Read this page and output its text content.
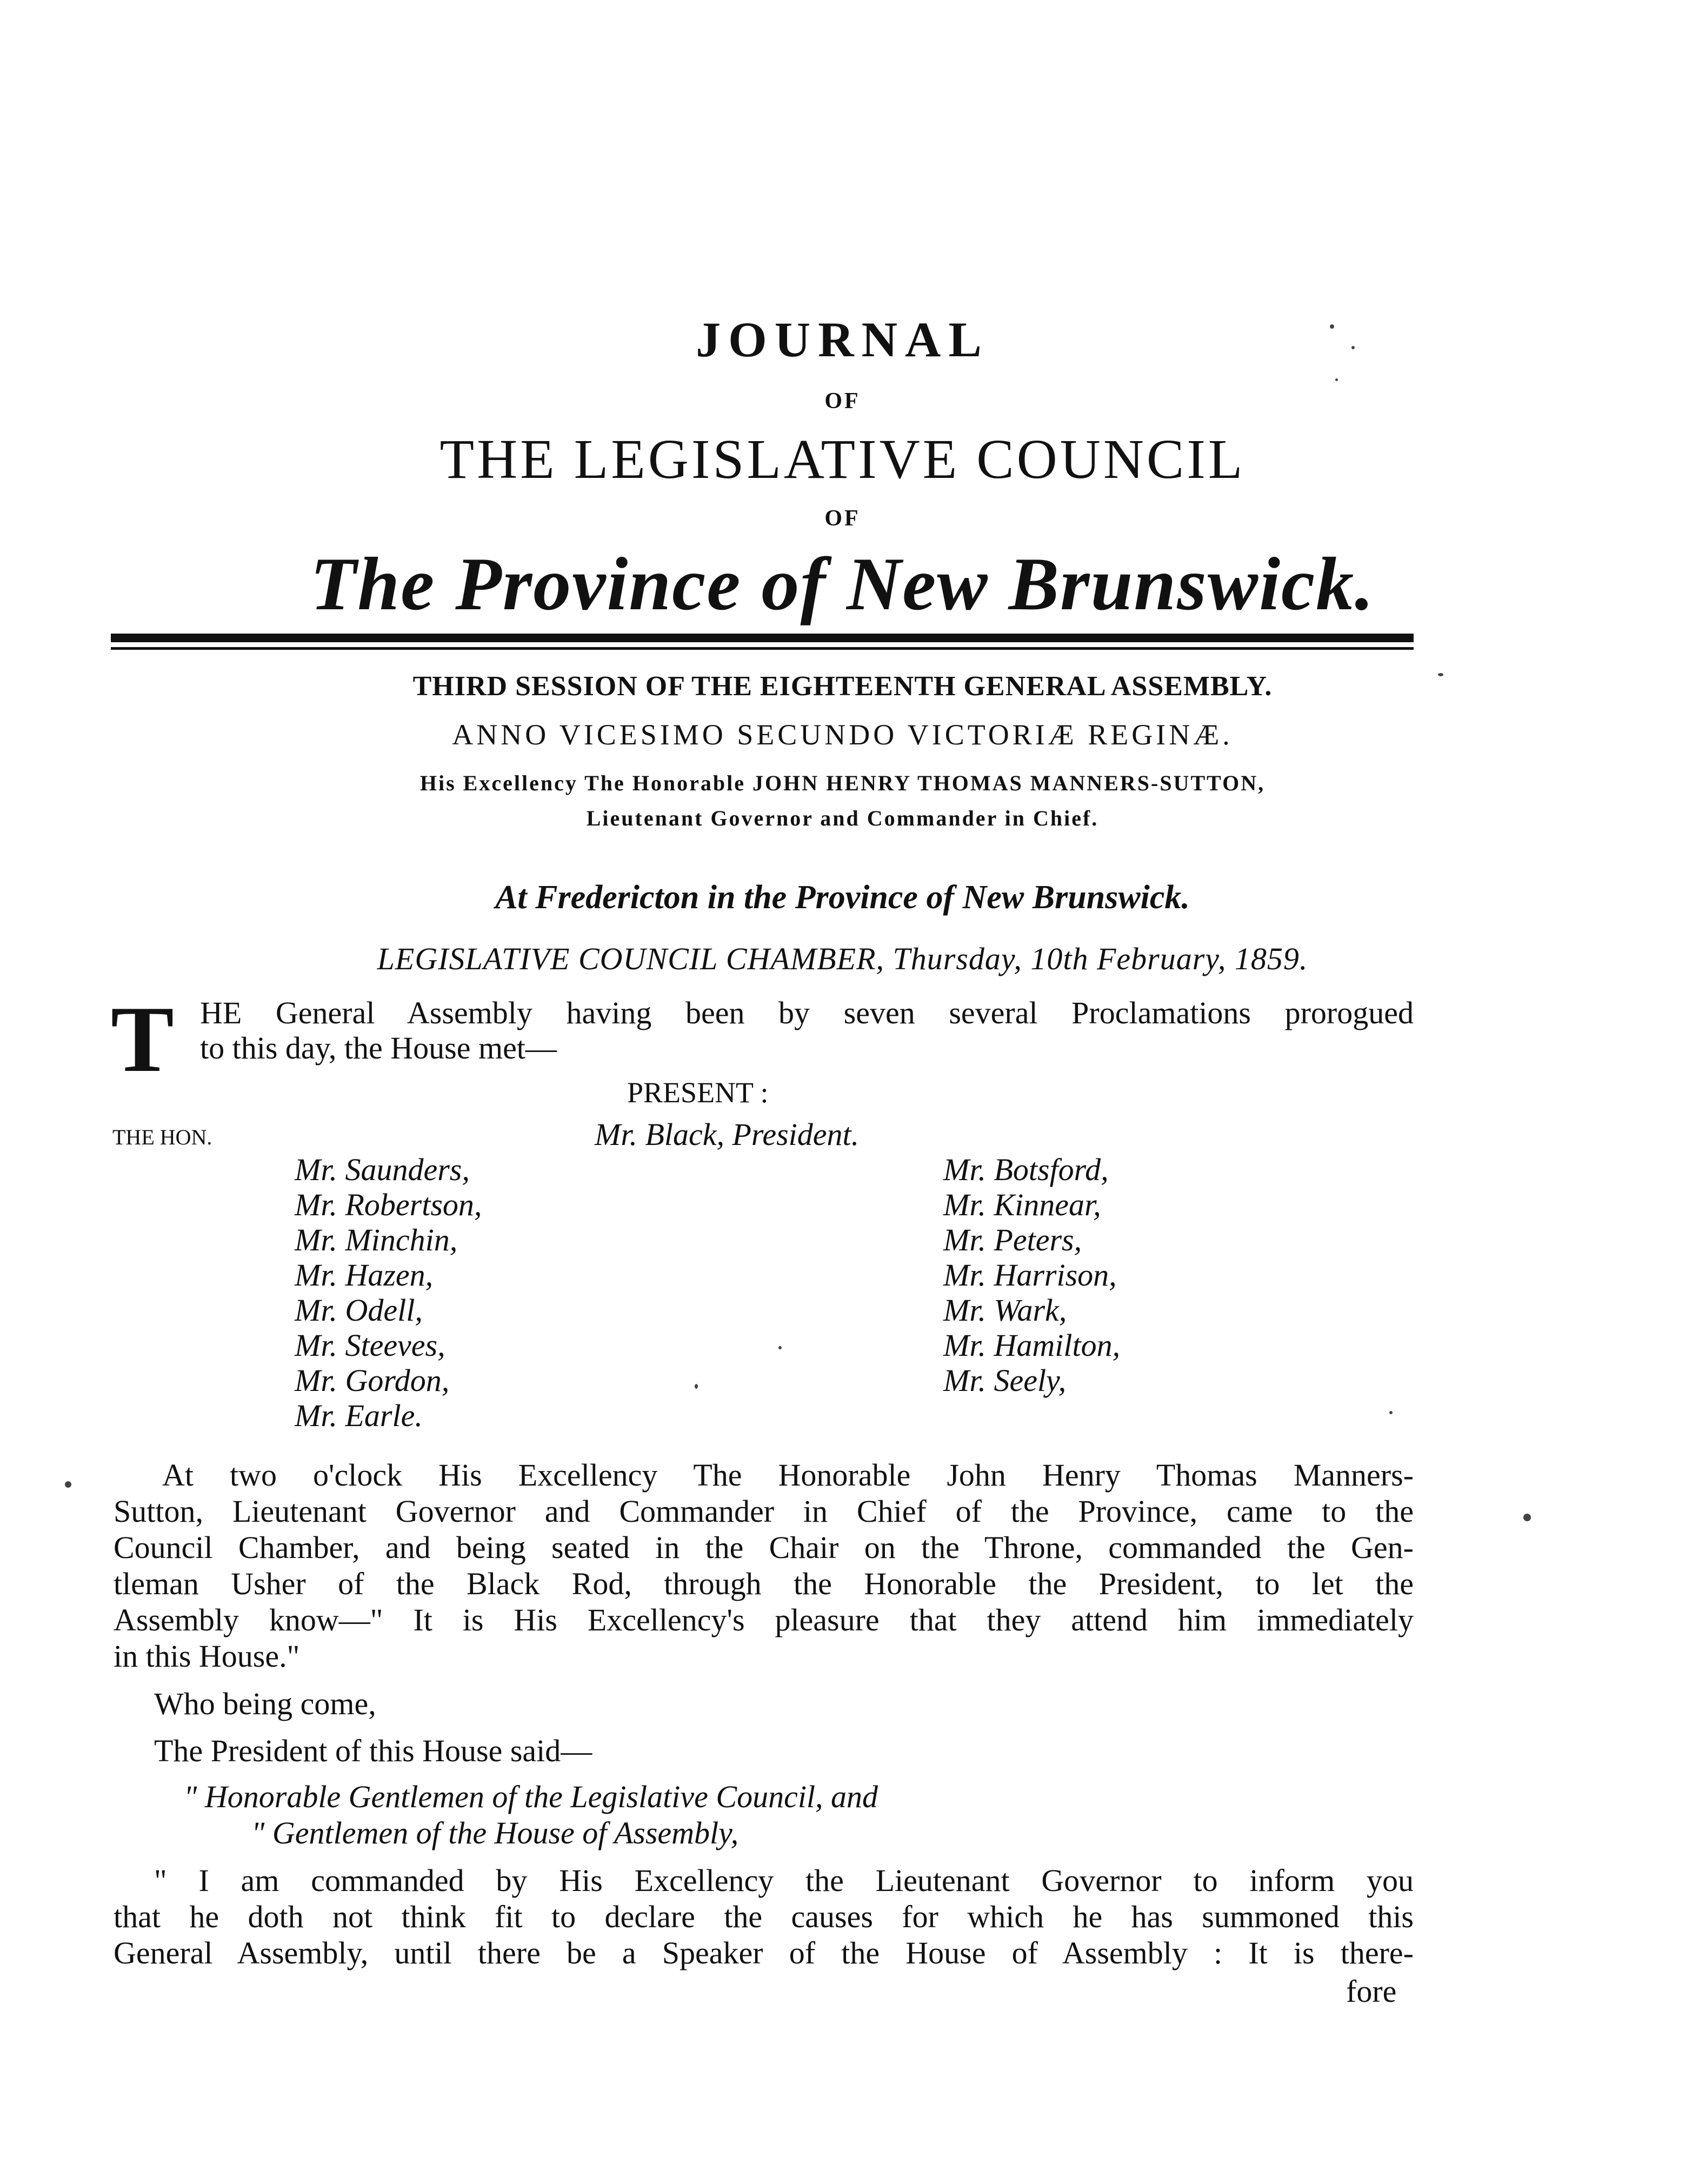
JOURNAL
OF
THE LEGISLATIVE COUNCIL
OF
The Province of New Brunswick.
THIRD SESSION OF THE EIGHTEENTH GENERAL ASSEMBLY.
ANNO VICESIMO SECUNDO VICTORIÆ REGINÆ.
His Excellency The Honorable JOHN HENRY THOMAS MANNERS-SUTTON,
Lieutenant Governor and Commander in Chief.
At Fredericton in the Province of New Brunswick.
LEGISLATIVE COUNCIL CHAMBER, Thursday, 10th February, 1859.
T HE General Assembly having been by seven several Proclamations prorogued
to this day, the House met—
PRESENT :
THE HON.	Mr. Black, President.
Mr. Saunders,
Mr. Robertson,
Mr. Minchin,
Mr. Hazen,
Mr. Odell,
Mr. Steeves,
Mr. Gordon,
Mr. Earle.
Mr. Botsford,
Mr. Kinnear,
Mr. Peters,
Mr. Harrison,
Mr. Wark,
Mr. Hamilton,
Mr. Seely,
At two o'clock His Excellency The Honorable John Henry Thomas Manners-
Sutton, Lieutenant Governor and Commander in Chief of the Province, came to the
Council Chamber, and being seated in the Chair on the Throne, commanded the Gen-
tleman Usher of the Black Rod, through the Honorable the President, to let the
Assembly know—" It is His Excellency's pleasure that they attend him immediately
in this House."
Who being come,
The President of this House said—
" Honorable Gentlemen of the Legislative Council, and
" Gentlemen of the House of Assembly,
" I am commanded by His Excellency the Lieutenant Governor to inform you
that he doth not think fit to declare the causes for which he has summoned this
General Assembly, until there be a Speaker of the House of Assembly : It is there-
fore
